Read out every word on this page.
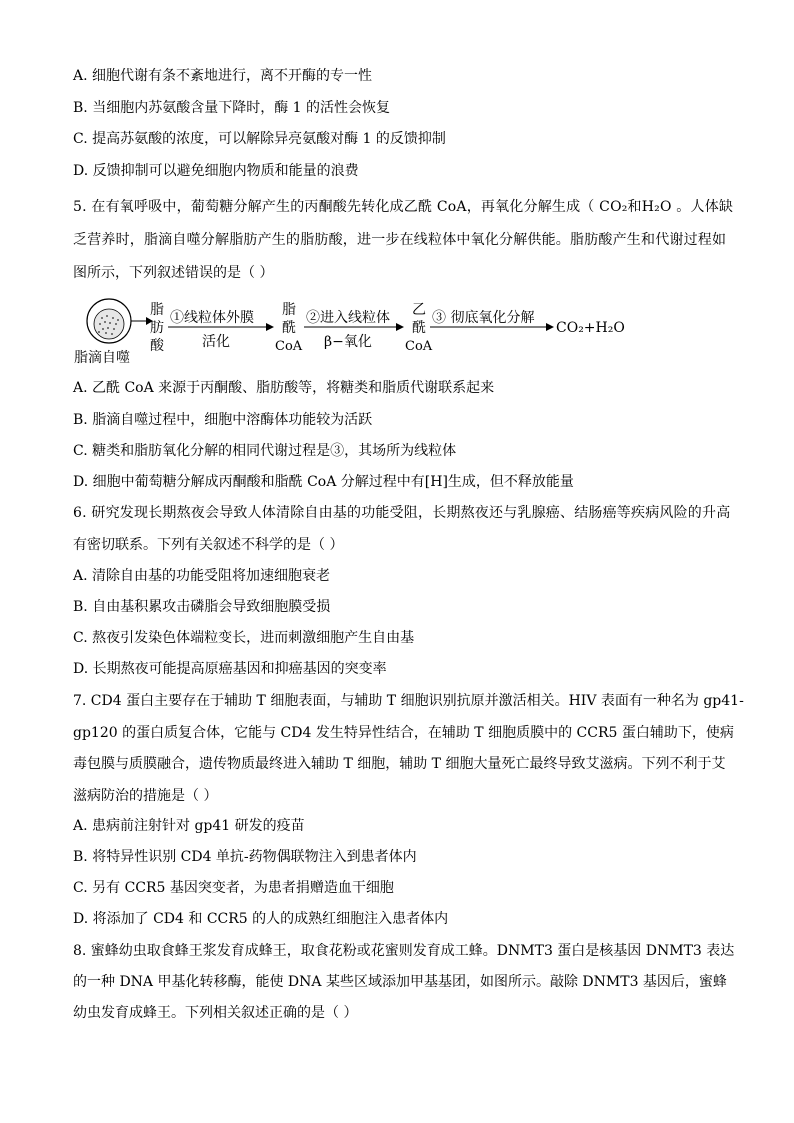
A. 细胞代谢有条不紊地进行，离不开酶的专一性
B. 当细胞内苏氨酸含量下降时，酶 1 的活性会恢复
C. 提高苏氨酸的浓度，可以解除异亮氨酸对酶 1 的反馈抑制
D. 反馈抑制可以避免细胞内物质和能量的浪费
5. 在有氧呼吸中，葡萄糖分解产生的丙酮酸先转化成乙酰 CoA，再氧化分解生成（ CO₂和H₂O 。人体缺
乏营养时，脂滴自噬分解脂肪产生的脂肪酸，进一步在线粒体中氧化分解供能。脂肪酸产生和代谢过程如
图所示，下列叙述错误的是（ ）
脂滴自噬
脂
肪
酸
①线粒体外膜
活化
脂
酰
CoA
②进入线粒体
β−氧化
乙
酰
CoA
③ 彻底氧化分解
CO₂+H₂O
A. 乙酰 CoA 来源于丙酮酸、脂肪酸等，将糖类和脂质代谢联系起来
B. 脂滴自噬过程中，细胞中溶酶体功能较为活跃
C. 糖类和脂肪氧化分解的相同代谢过程是③，其场所为线粒体
D. 细胞中葡萄糖分解成丙酮酸和脂酰 CoA 分解过程中有[H]生成，但不释放能量
6. 研究发现长期熬夜会导致人体清除自由基的功能受阻，长期熬夜还与乳腺癌、结肠癌等疾病风险的升高
有密切联系。下列有关叙述不科学的是（ ）
A. 清除自由基的功能受阻将加速细胞衰老
B. 自由基积累攻击磷脂会导致细胞膜受损
C. 熬夜引发染色体端粒变长，进而刺激细胞产生自由基
D. 长期熬夜可能提高原癌基因和抑癌基因的突变率
7. CD4 蛋白主要存在于辅助 T 细胞表面，与辅助 T 细胞识别抗原并激活相关。HIV 表面有一种名为 gp41-
gp120 的蛋白质复合体，它能与 CD4 发生特异性结合，在辅助 T 细胞质膜中的 CCR5 蛋白辅助下，使病
毒包膜与质膜融合，遗传物质最终进入辅助 T 细胞，辅助 T 细胞大量死亡最终导致艾滋病。下列不利于艾
滋病防治的措施是（ ）
A. 患病前注射针对 gp41 研发的疫苗
B. 将特异性识别 CD4 单抗-药物偶联物注入到患者体内
C. 另有 CCR5 基因突变者，为患者捐赠造血干细胞
D. 将添加了 CD4 和 CCR5 的人的成熟红细胞注入患者体内
8. 蜜蜂幼虫取食蜂王浆发育成蜂王，取食花粉或花蜜则发育成工蜂。DNMT3 蛋白是核基因 DNMT3 表达
的一种 DNA 甲基化转移酶，能使 DNA 某些区域添加甲基基团，如图所示。敲除 DNMT3 基因后，蜜蜂
幼虫发育成蜂王。下列相关叙述正确的是（ ）
